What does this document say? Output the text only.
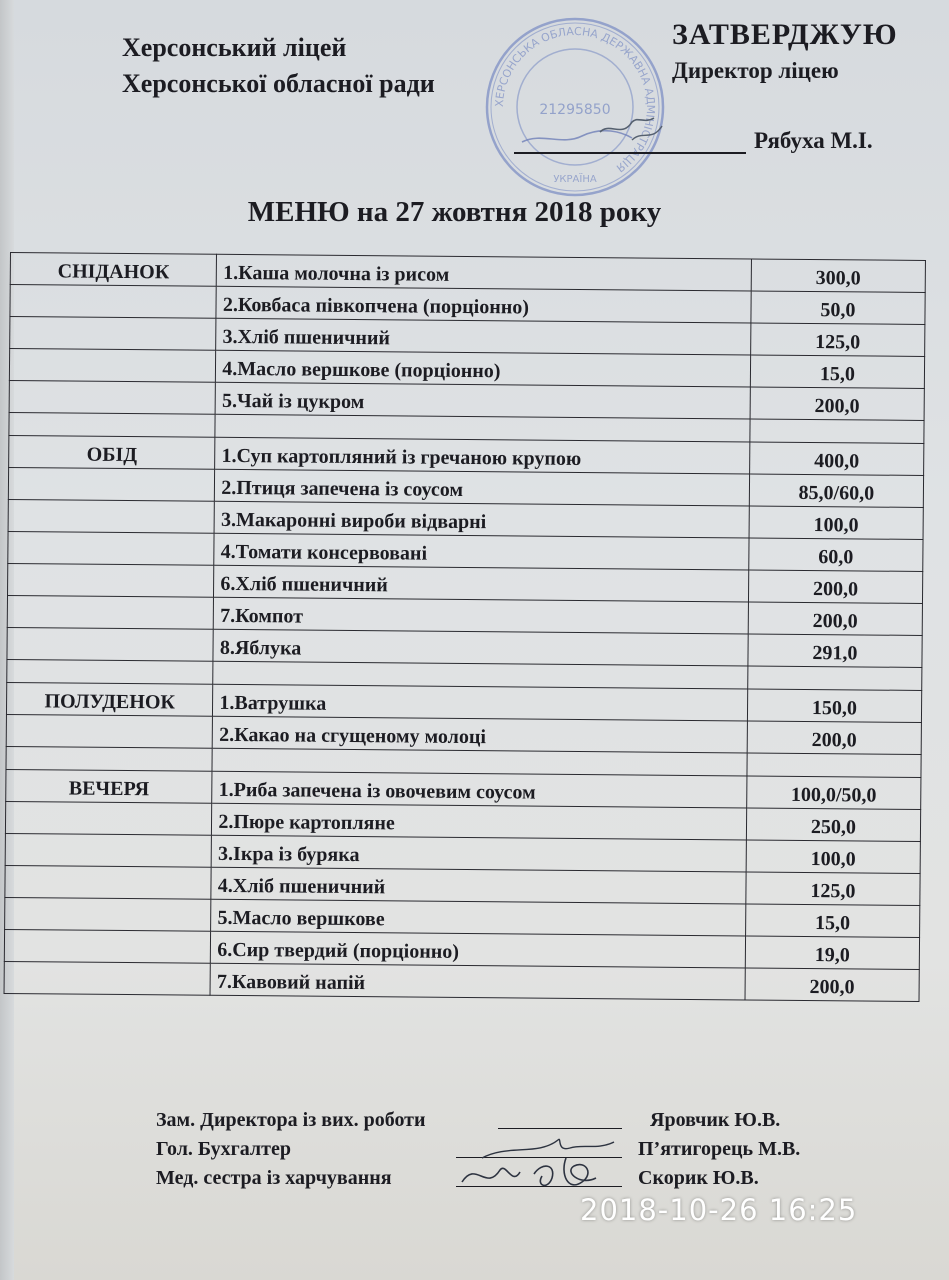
Херсонський ліцей
Херсонської обласної ради
ХЕРСОНСЬКА ОБЛАСНА ДЕРЖАВНА АДМІНІСТРАЦІЯ
21295850
УКРАЇНА
ЗАТВЕРДЖУЮ
Директор ліцею
Рябуха М.І.
МЕНЮ на 27 жовтня 2018 року
СНІДАНОК	1.Каша молочна із рисом	300,0
	2.Ковбаса півкопчена (порціонно)	50,0
	3.Хліб пшеничний	125,0
	4.Масло вершкове (порціонно)	15,0
	5.Чай із цукром	200,0

ОБІД	1.Суп картопляний із гречаною крупою	400,0
	2.Птиця запечена із соусом	85,0/60,0
	3.Макаронні вироби відварні	100,0
	4.Томати консервовані	60,0
	6.Хліб пшеничний	200,0
	7.Компот	200,0
	8.Яблука	291,0

ПОЛУДЕНОК	1.Ватрушка	150,0
	2.Какао на сгущеному молоці	200,0

ВЕЧЕРЯ	1.Риба запечена із овочевим соусом	100,0/50,0
	2.Пюре картопляне	250,0
	3.Ікра із буряка	100,0
	4.Хліб пшеничний	125,0
	5.Масло вершкове	15,0
	6.Сир твердий (порціонно)	19,0
	7.Кавовий напій	200,0
Зам. Директора із вих. роботи	Яровчик Ю.В.
Гол. Бухгалтер	П’ятигорець М.В.
Мед. сестра із харчування	Скорик Ю.В.
2018-10-26 16:25
